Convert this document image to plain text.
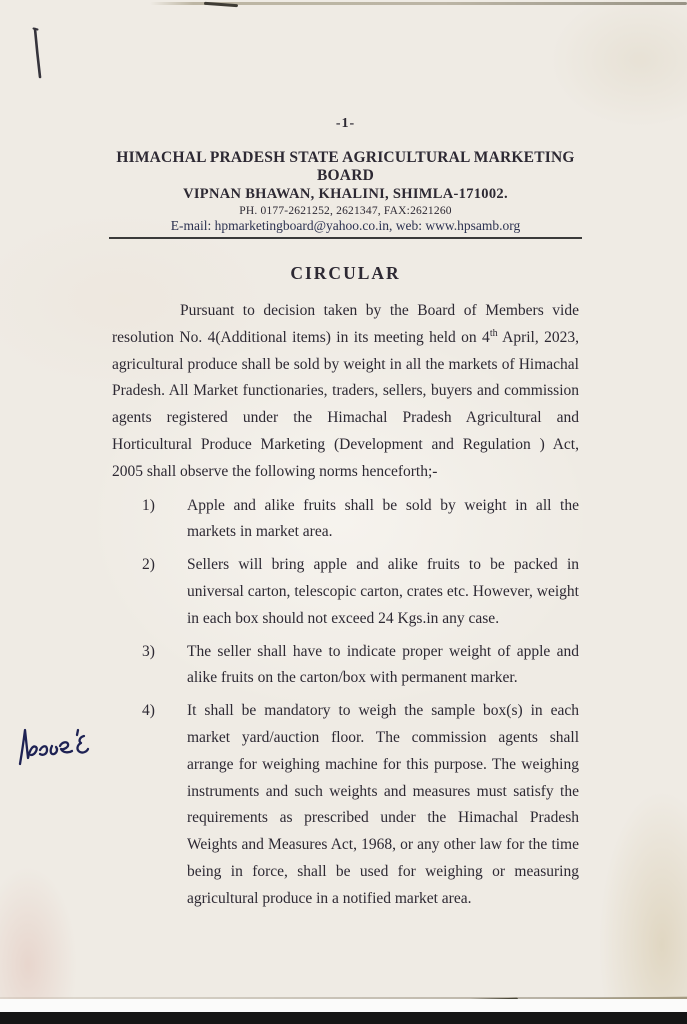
-1-
HIMACHAL PRADESH STATE AGRICULTURAL MARKETING BOARD
VIPNAN BHAWAN, KHALINI, SHIMLA-171002.
PH. 0177-2621252, 2621347, FAX:2621260
E-mail: hpmarketingboard@yahoo.co.in, web: www.hpsamb.org
CIRCULAR

Pursuant to decision taken by the Board of Members vide resolution No. 4(Additional items) in its meeting held on 4th April, 2023, agricultural produce shall be sold by weight in all the markets of Himachal Pradesh. All Market functionaries, traders, sellers, buyers and commission agents registered under the Himachal Pradesh Agricultural and Horticultural Produce Marketing (Development and Regulation ) Act, 2005 shall observe the following norms henceforth;-

1)	Apple and alike fruits shall be sold by weight in all the markets in market area.
2)	Sellers will bring apple and alike fruits to be packed in universal carton, telescopic carton, crates etc. However, weight in each box should not exceed 24 Kgs.in any case.
3)	The seller shall have to indicate proper weight of apple and alike fruits on the carton/box with permanent marker.
4)	It shall be mandatory to weigh the sample box(s) in each market yard/auction floor. The commission agents shall arrange for weighing machine for this purpose. The weighing instruments and such weights and measures must satisfy the requirements as prescribed under the Himachal Pradesh Weights and Measures Act, 1968, or any other law for the time being in force, shall be used for weighing or measuring agricultural produce in a notified market area.
